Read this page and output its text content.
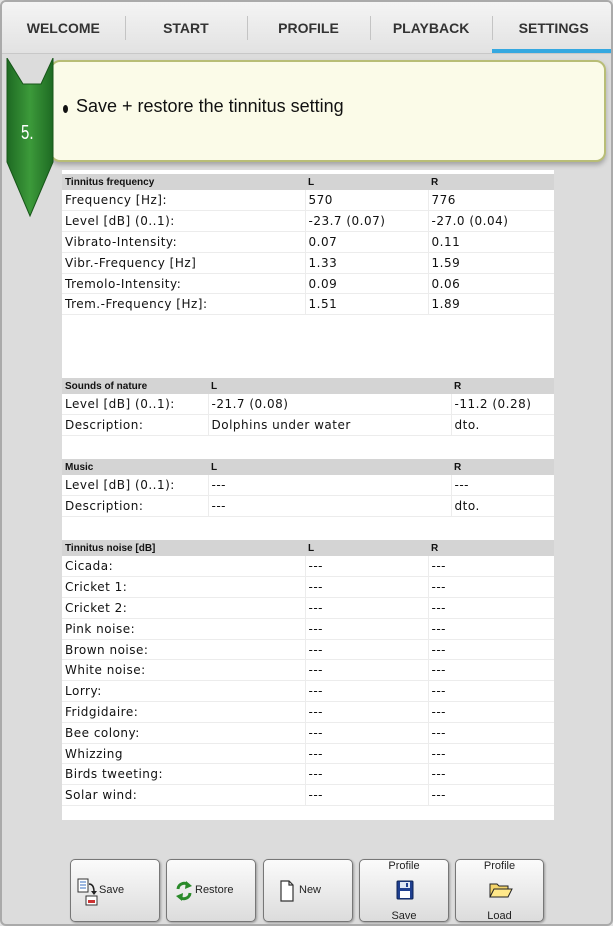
WELCOME	START	PROFILE	PLAYBACK	SETTINGS
Save + restore the tinnitus setting
5.
Tinnitus frequency	L	R
Frequency [Hz]:	570	776
Level [dB] (0..1):	-23.7 (0.07)	-27.0 (0.04)
Vibrato-Intensity:	0.07	0.11
Vibr.-Frequency [Hz]	1.33	1.59
Tremolo-Intensity:	0.09	0.06
Trem.-Frequency [Hz]:	1.51	1.89
Sounds of nature	L	R
Level [dB] (0..1):	-21.7 (0.08)	-11.2 (0.28)
Description:	Dolphins under water	dto.
Music	L	R
Level [dB] (0..1):	---	---
Description:	---	dto.
Tinnitus noise [dB]	L	R
Cicada:	---	---
Cricket 1:	---	---
Cricket 2:	---	---
Pink noise:	---	---
Brown noise:	---	---
White noise:	---	---
Lorry:	---	---
Fridgidaire:	---	---
Bee colony:	---	---
Whizzing	---	---
Birds tweeting:	---	---
Solar wind:	---	---
Save	Restore	New
Profile
Save
Profile
Load
